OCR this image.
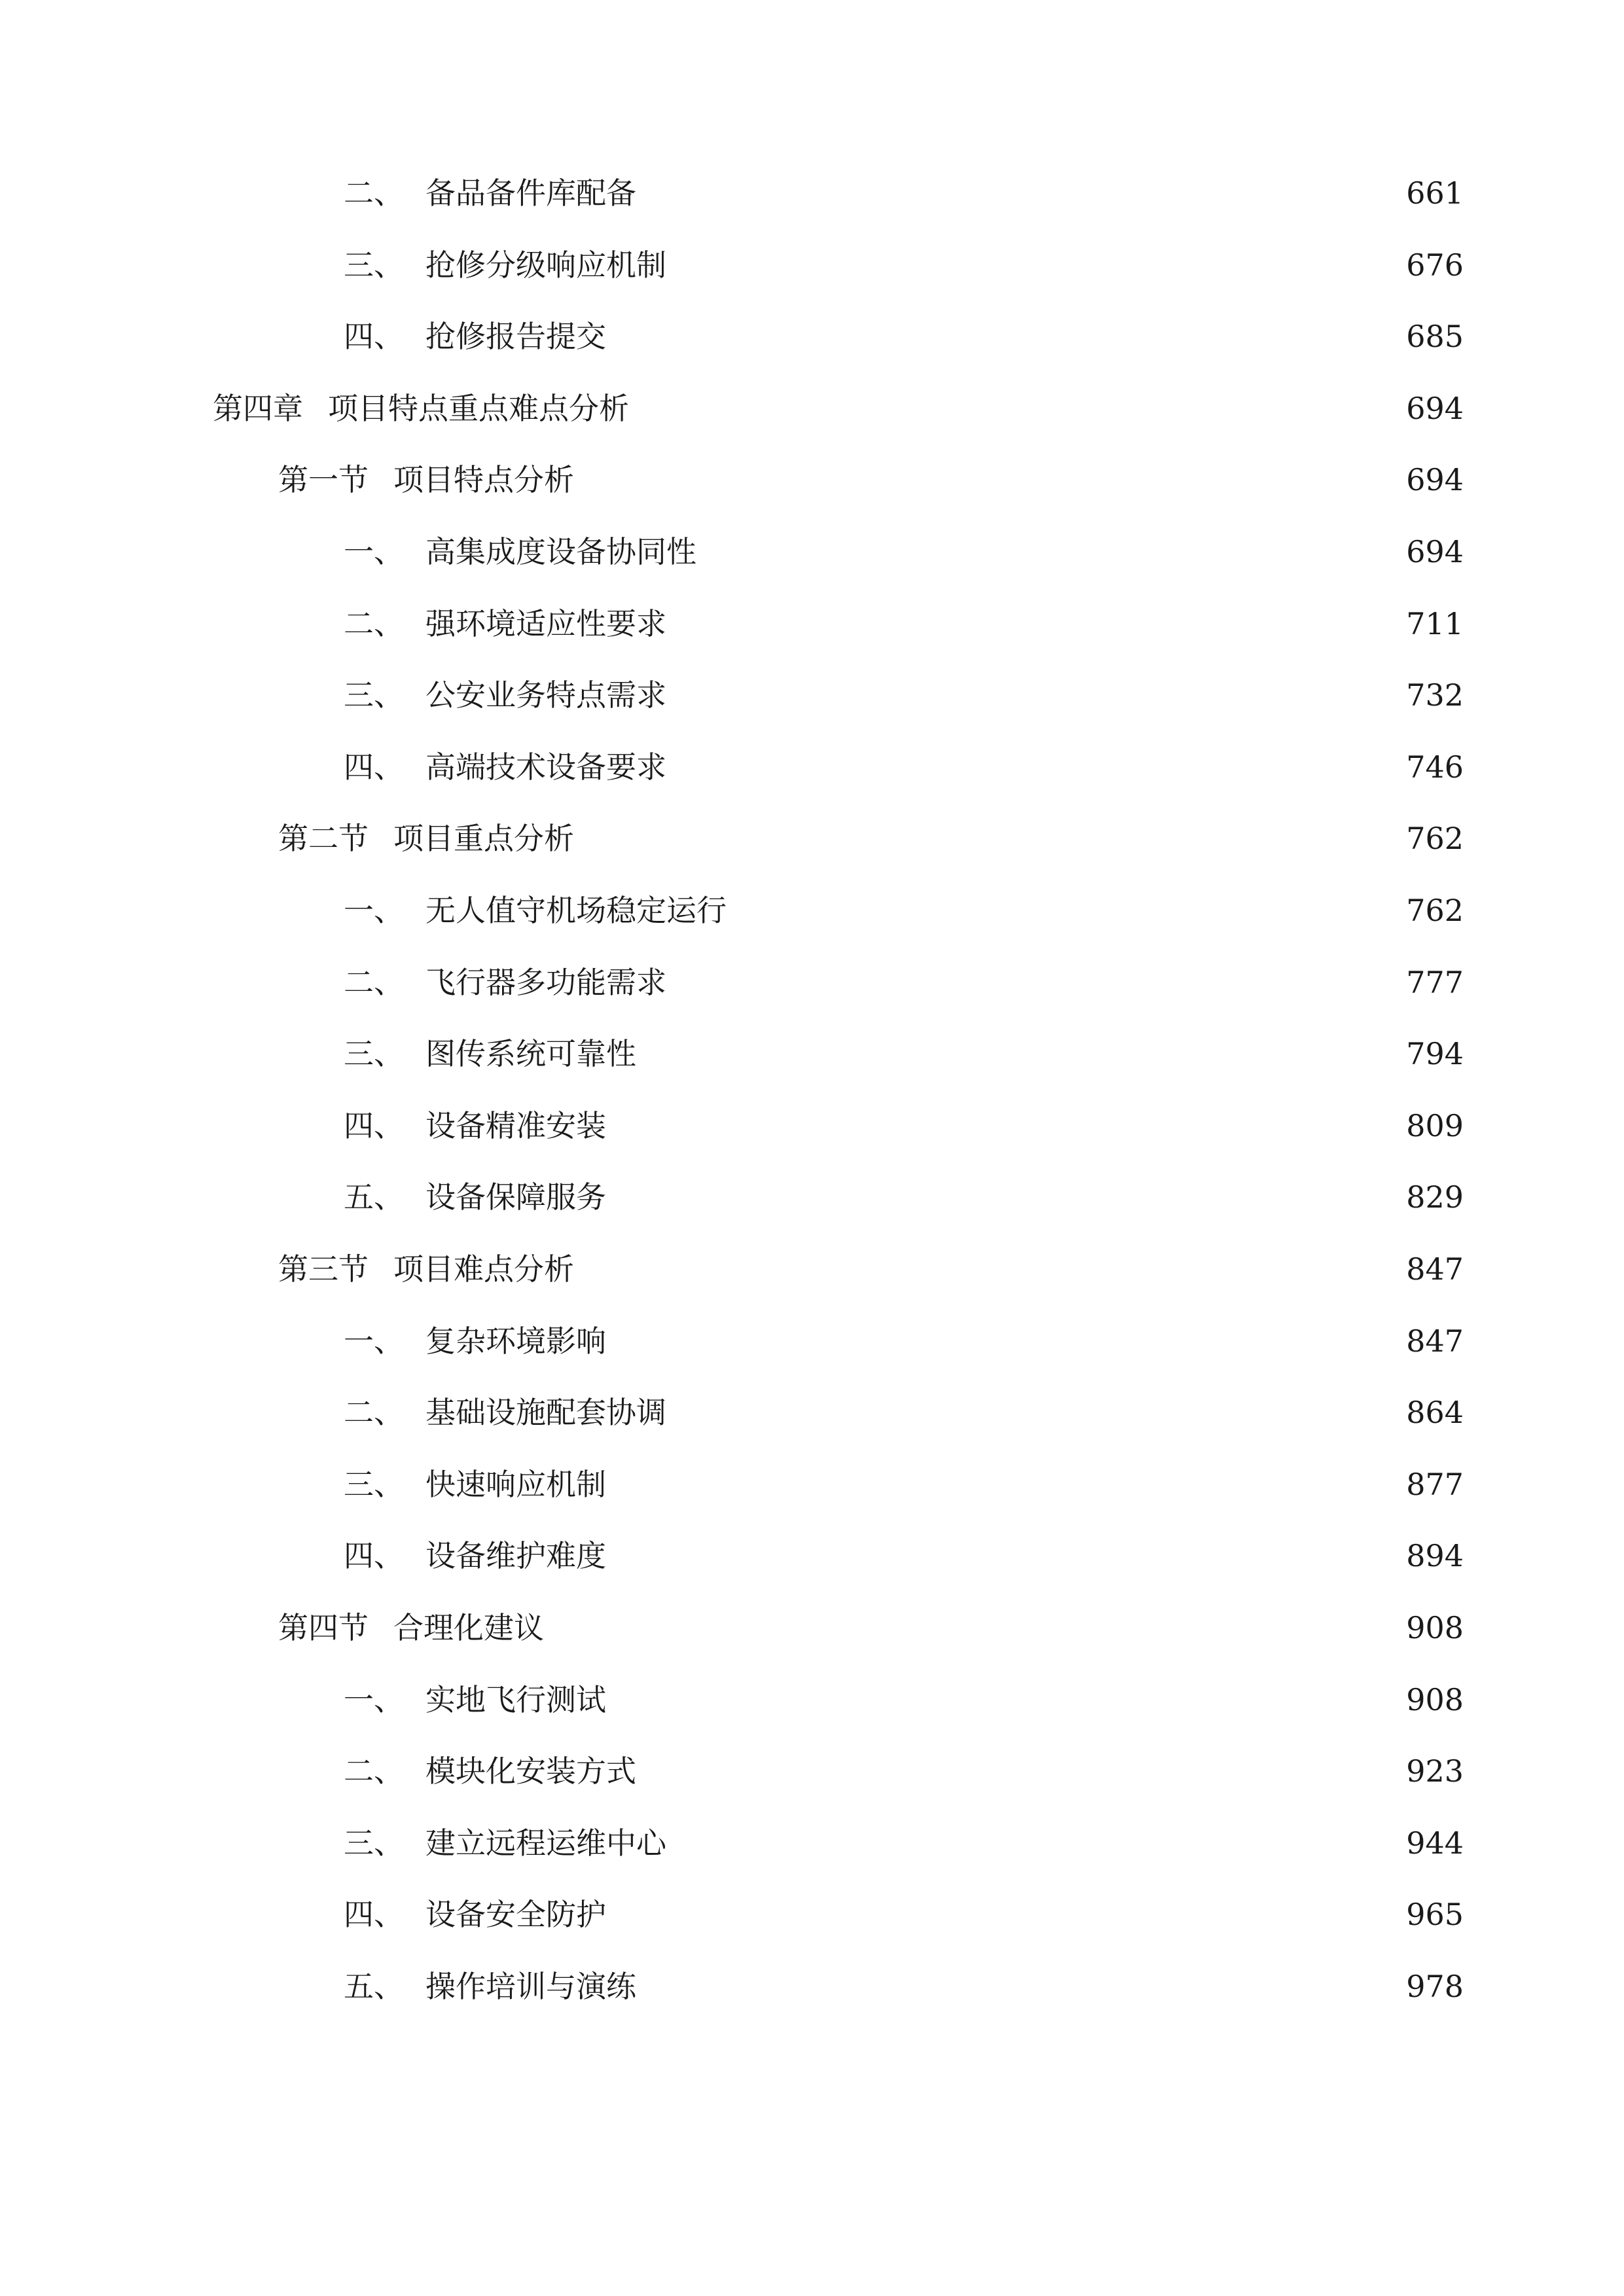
二、 备品备件库配备	661
三、 抢修分级响应机制	676
四、 抢修报告提交	685
第四章 项目特点重点难点分析	694
第一节 项目特点分析	694
一、 高集成度设备协同性	694
二、 强环境适应性要求	711
三、 公安业务特点需求	732
四、 高端技术设备要求	746
第二节 项目重点分析	762
一、 无人值守机场稳定运行	762
二、 飞行器多功能需求	777
三、 图传系统可靠性	794
四、 设备精准安装	809
五、 设备保障服务	829
第三节 项目难点分析	847
一、 复杂环境影响	847
二、 基础设施配套协调	864
三、 快速响应机制	877
四、 设备维护难度	894
第四节 合理化建议	908
一、 实地飞行测试	908
二、 模块化安装方式	923
三、 建立远程运维中心	944
四、 设备安全防护	965
五、 操作培训与演练	978
